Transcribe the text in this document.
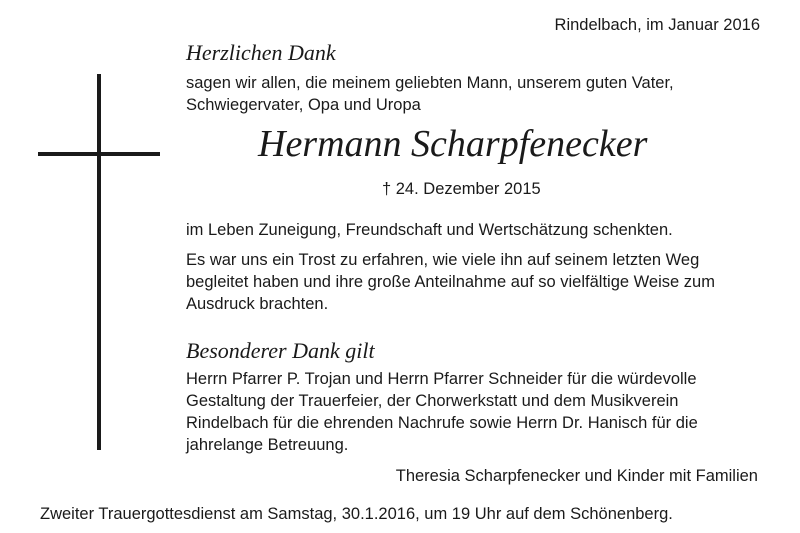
Rindelbach, im Januar 2016
Herzlichen Dank
sagen wir allen, die meinem geliebten Mann, unserem guten Vater,
Schwiegervater, Opa und Uropa
Hermann Scharpfenecker
† 24. Dezember 2015
im Leben Zuneigung, Freundschaft und Wertschätzung schenkten.
Es war uns ein Trost zu erfahren, wie viele ihn auf seinem letzten Weg
begleitet haben und ihre große Anteilnahme auf so vielfältige Weise zum
Ausdruck brachten.
Besonderer Dank gilt
Herrn Pfarrer P. Trojan und Herrn Pfarrer Schneider für die würdevolle
Gestaltung der Trauerfeier, der Chorwerkstatt und dem Musikverein
Rindelbach für die ehrenden Nachrufe sowie Herrn Dr. Hanisch für die
jahrelange Betreuung.
Theresia Scharpfenecker und Kinder mit Familien
Zweiter Trauergottesdienst am Samstag, 30.1.2016, um 19 Uhr auf dem Schönenberg.
